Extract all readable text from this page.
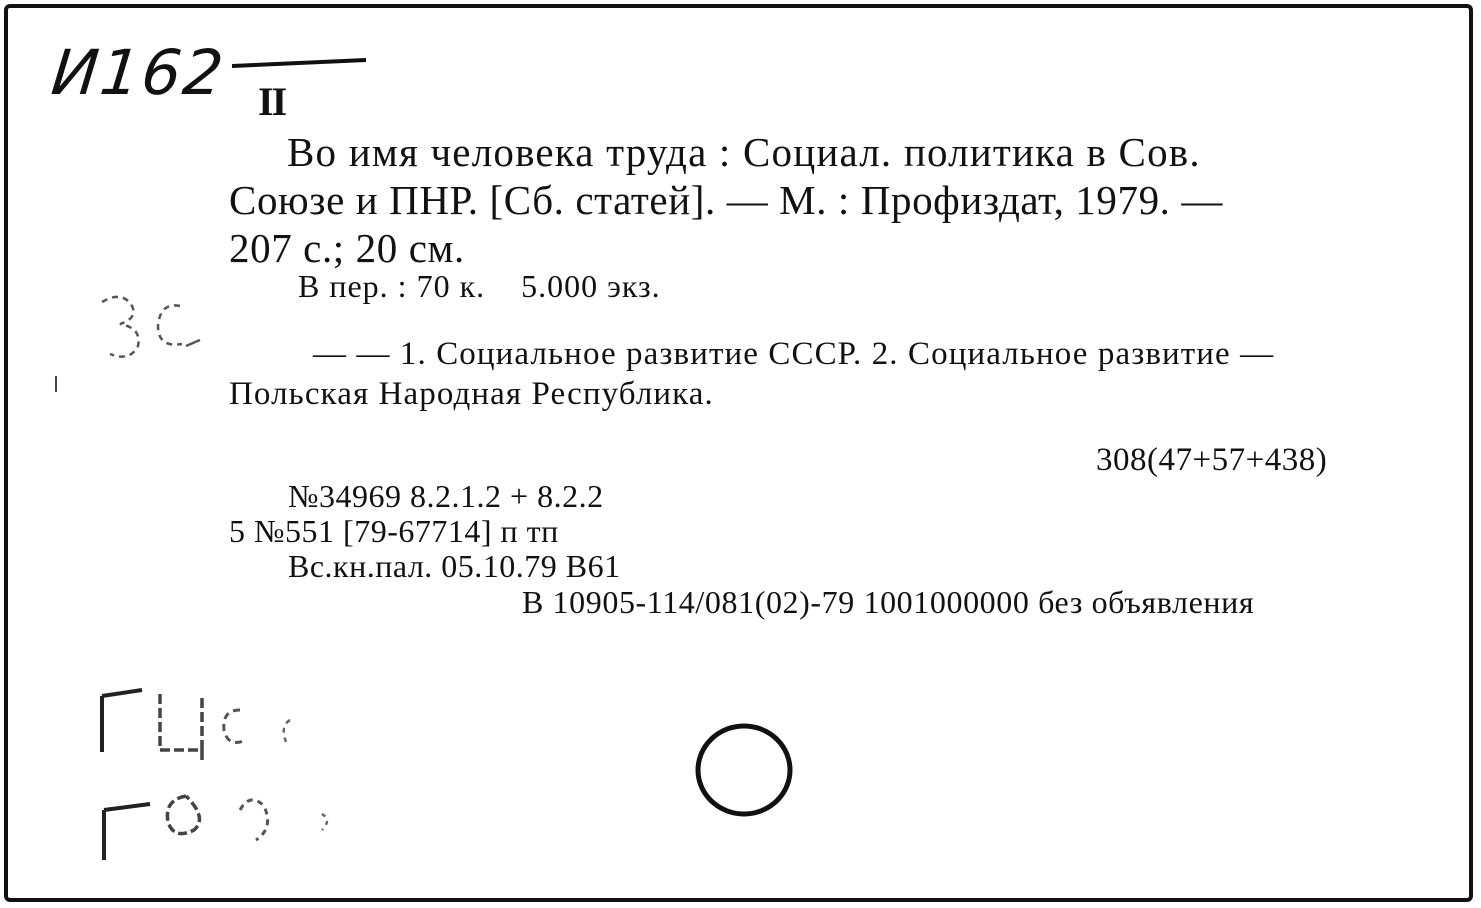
И162 II
Во имя человека труда : Социал. политика в Сов.
Союзе и ПНР. [Сб. статей]. — М. : Профиздат, 1979. —
207 с.; 20 см.
В пер. : 70 к.    5.000 экз.
— — 1. Социальное развитие СССР. 2. Социальное развитие —
Польская Народная Республика.
308(47+57+438)
№34969 8.2.1.2 + 8.2.2
5 №551 [79-67714] п тп
Вс.кн.пал. 05.10.79 В61
В 10905-114/081(02)-79 1001000000 без объявления
